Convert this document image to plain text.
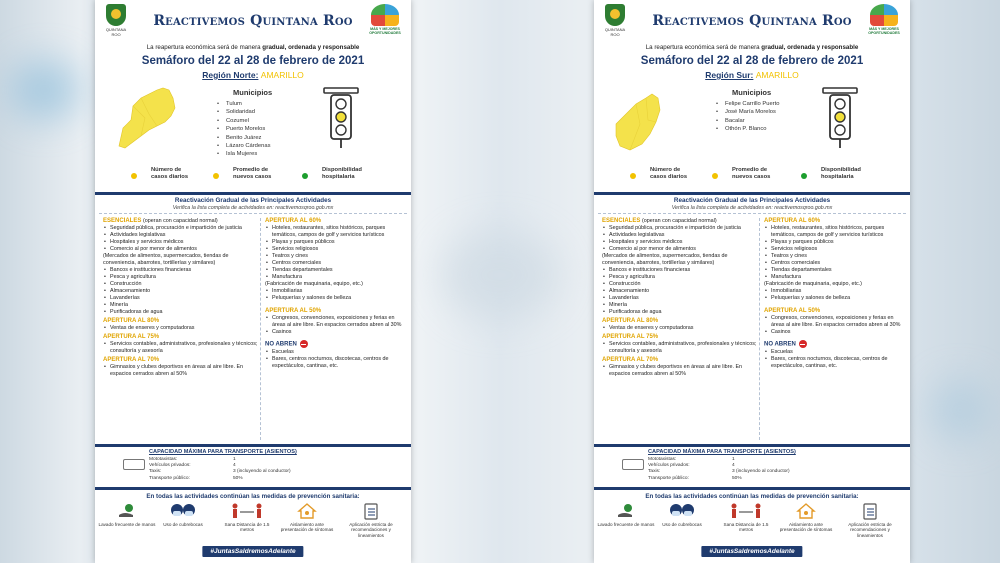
QUINTANA ROO
Reactivemos Quintana Roo	MÁS Y MEJORES OPORTUNIDADES
La reapertura económica será de manera gradual, ordenada y responsable
Semáforo del 22 al 28 de febrero de 2021
Región Norte: AMARILLO
Municipios
• Tulum
• Solidaridad
• Cozumel
• Puerto Morelos
• Benito Juárez
• Lázaro Cárdenas
• Isla Mujeres
Número de casos diarios
Promedio de nuevos casos
Disponibilidad hospitalaria
Reactivación Gradual de las Principales Actividades
Verifica la lista completa de actividades en: reactivemosqroo.gob.mx
ESENCIALES (operan con capacidad normal)
• Seguridad pública, procuración e impartición de justicia
• Actividades legislativas
• Hospitales y servicios médicos
• Comercio al por menor de alimentos
(Mercados de alimentos, supermercados, tiendas de conveniencia, abarrotes, tortillerías y similares)
• Bancos e instituciones financieras
• Pesca y agricultura
• Construcción
• Almacenamiento
• Lavanderías
• Minería
• Purificadoras de agua
APERTURA AL 80%
• Ventas de enseres y computadoras
APERTURA AL 75%
• Servicios contables, administrativos, profesionales y técnicos; consultoría y asesoría
APERTURA AL 70%
• Gimnasios y clubes deportivos en áreas al aire libre. En espacios cerrados abren al 50%
APERTURA AL 60%
• Hoteles, restaurantes, sitios históricos, parques temáticos, campos de golf y servicios turísticos
• Playas y parques públicos
• Servicios religiosos
• Teatros y cines
• Centros comerciales
• Tiendas departamentales
• Manufactura
(Fabricación de maquinaria, equipo, etc.)
• Inmobiliarias
• Peluquerías y salones de belleza
APERTURA AL 50%
• Congresos, convenciones, exposiciones y ferias en áreas al aire libre. En espacios cerrados abren al 30%
• Casinos
NO ABREN
• Escuelas
• Bares, centros nocturnos, discotecas, centros de espectáculos, cantinas, etc.
CAPACIDAD MÁXIMA PARA TRANSPORTE (ASIENTOS)
Mototaxistas:	1
Vehículos privados:	4
Taxis:	3 (incluyendo al conductor)
Transporte público:	50%
En todas las actividades continúan las medidas de prevención sanitaria:
Lavado frecuente de manos	Uso de cubrebocas	Sana Distancia de 1.5 metros
Aislamiento ante presentación de síntomas
Aplicación estricta de recomendaciones y lineamientos
#JuntasSaldremosAdelante
QUINTANA ROO
Reactivemos Quintana Roo	MÁS Y MEJORES OPORTUNIDADES
La reapertura económica será de manera gradual, ordenada y responsable
Semáforo del 22 al 28 de febrero de 2021
Región Sur: AMARILLO
Municipios
• Felipe Carrillo Puerto
• José María Morelos
• Bacalar
• Othón P. Blanco
Número de casos diarios
Promedio de nuevos casos
Disponibilidad hospitalaria
Reactivación Gradual de las Principales Actividades
Verifica la lista completa de actividades en: reactivemosqroo.gob.mx
ESENCIALES (operan con capacidad normal)
• Seguridad pública, procuración e impartición de justicia
• Actividades legislativas
• Hospitales y servicios médicos
• Comercio al por menor de alimentos
(Mercados de alimentos, supermercados, tiendas de conveniencia, abarrotes, tortillerías y similares)
• Bancos e instituciones financieras
• Pesca y agricultura
• Construcción
• Almacenamiento
• Lavanderías
• Minería
• Purificadoras de agua
APERTURA AL 80%
• Ventas de enseres y computadoras
APERTURA AL 75%
• Servicios contables, administrativos, profesionales y técnicos; consultoría y asesoría
APERTURA AL 70%
• Gimnasios y clubes deportivos en áreas al aire libre. En espacios cerrados abren al 50%
APERTURA AL 60%
• Hoteles, restaurantes, sitios históricos, parques temáticos, campos de golf y servicios turísticos
• Playas y parques públicos
• Servicios religiosos
• Teatros y cines
• Centros comerciales
• Tiendas departamentales
• Manufactura
(Fabricación de maquinaria, equipo, etc.)
• Inmobiliarias
• Peluquerías y salones de belleza
APERTURA AL 50%
• Congresos, convenciones, exposiciones y ferias en áreas al aire libre. En espacios cerrados abren al 30%
• Casinos
NO ABREN
• Escuelas
• Bares, centros nocturnos, discotecas, centros de espectáculos, cantinas, etc.
CAPACIDAD MÁXIMA PARA TRANSPORTE (ASIENTOS)
Mototaxistas:	1
Vehículos privados:	4
Taxis:	3 (incluyendo al conductor)
Transporte público:	50%
En todas las actividades continúan las medidas de prevención sanitaria:
Lavado frecuente de manos	Uso de cubrebocas	Sana Distancia de 1.5 metros
Aislamiento ante presentación de síntomas
Aplicación estricta de recomendaciones y lineamientos
#JuntasSaldremosAdelante
